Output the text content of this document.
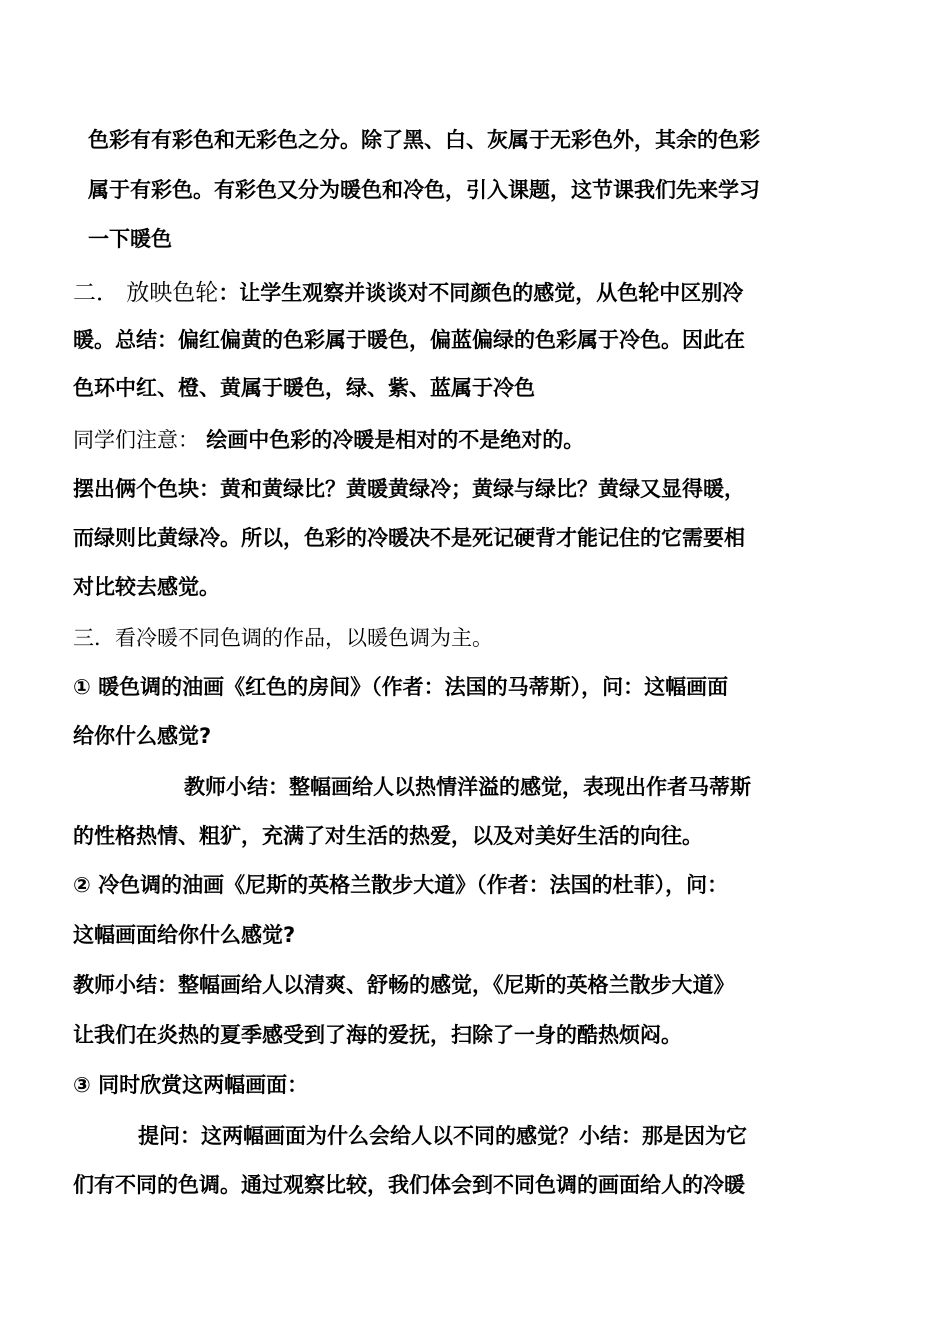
色彩有有彩色和无彩色之分。除了黑、白、灰属于无彩色外，其余的色彩
属于有彩色。有彩色又分为暖色和冷色，引入课题，这节课我们先来学习
一下暖色
二． 放映色轮：让学生观察并谈谈对不同颜色的感觉，从色轮中区别冷
暖。总结：偏红偏黄的色彩属于暖色，偏蓝偏绿的色彩属于冷色。因此在
色环中红、橙、黄属于暖色，绿、紫、蓝属于冷色
同学们注意： 绘画中色彩的冷暖是相对的不是绝对的。
摆出俩个色块：黄和黄绿比？黄暖黄绿冷；黄绿与绿比？黄绿又显得暖，
而绿则比黄绿冷。所以，色彩的冷暖决不是死记硬背才能记住的它需要相
对比较去感觉。
三．看冷暖不同色调的作品，以暖色调为主。
① 暖色调的油画《红色的房间》（作者：法国的马蒂斯），问：这幅画面
给你什么感觉?
教师小结：整幅画给人以热情洋溢的感觉，表现出作者马蒂斯
的性格热情、粗犷，充满了对生活的热爱，以及对美好生活的向往。
② 冷色调的油画《尼斯的英格兰散步大道》（作者：法国的杜菲），问：
这幅画面给你什么感觉?
教师小结：整幅画给人以清爽、舒畅的感觉，《尼斯的英格兰散步大道》
让我们在炎热的夏季感受到了海的爱抚，扫除了一身的酷热烦闷。
③ 同时欣赏这两幅画面：
提问：这两幅画面为什么会给人以不同的感觉？小结：那是因为它
们有不同的色调。通过观察比较，我们体会到不同色调的画面给人的冷暖
